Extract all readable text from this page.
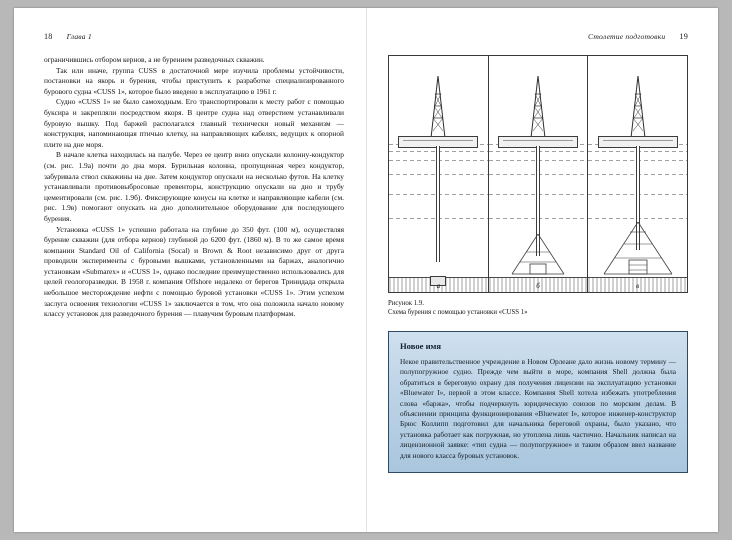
18 Глава 1

ограничившись отбором кернов, а не бурением разведочных скважин.

Так или иначе, группа CUSS в достаточной мере изучила проблемы устойчивости, постановки на якорь и бурения, чтобы приступить к разработке специализированного бурового судна «CUSS 1», которое было введено в эксплуатацию в 1961 г.

Судно «CUSS 1» не было самоходным. Его транспортировали к месту работ с помощью буксира и закрепляли посредством якоря. В центре судна над отверстием устанавливали буровую вышку. Под баржей располагался главный технически новый механизм — конструкция, напоминающая птичью клетку, на направляющих кабелях, ведущих к опорной плите на дне моря.

В начале клетка находилась на палубе. Через ее центр вниз опускали колонну-кондуктор (см. рис. 1.9а) почти до дна моря. Бурильная колонна, пропущенная через кондуктор, забуривала ствол скважины на дне. Затем кондуктор опускали на несколько футов. На клетку устанавливали противовыбросовые превенторы, конструкцию опускали на дно и трубу цементировали (см. рис. 1.9б). Фиксирующие конусы на клетке и направляющие кабели (см. рис. 1.9в) помогают опускать на дно дополнительное оборудование для последующего бурения.

Установка «CUSS 1» успешно работала на глубине до 350 фут. (100 м), осуществляя бурение скважин (для отбора кернов) глубиной до 6200 фут. (1860 м). В то же самое время компании Standard Oil of California (Socal) и Brown & Root независимо друг от друга проводили эксперименты с буровыми вышками, установленными на баржах, аналогично установкам «Submarex» и «CUSS 1», однако последние преимущественно использовались для целей геологоразведки. В 1958 г. компания Offshore недалеко от берегов Тринидада открыла небольшое месторождение нефти с помощью буровой установки «CUSS 1». Этим успехом заслуга освоения технологии «CUSS 1» заключается в том, что она положила начало новому классу установок для разведочного бурения — плавучим буровым платформам.

Столетие подготовки 19
а	б	в
Рисунок 1.9.
Схема бурения с помощью установки «CUSS 1»
Новое имя

Некое правительственное учреждение в Новом Орлеане дало жизнь новому термину — полупогружное судно. Прежде чем выйти в море, компания Shell должна была обратиться в береговую охрану для получения лицензии на эксплуатацию установки «Bluewater I», первой в этом классе. Компания Shell хотела избежать употребления слова «баржа», чтобы подчеркнуть юридическую союзов по морским делам. В объяснении принципа функционирования «Bluewater I», которое инженер-конструктор Брюс Коллипп подготовил для начальника береговой охраны, было указано, что установка работает как погружная, но утоплена лишь частично. Начальник написал на лицензионной заявке: «тип судна — полупогружное» и таким образом ввел название для нового класса буровых установок.
